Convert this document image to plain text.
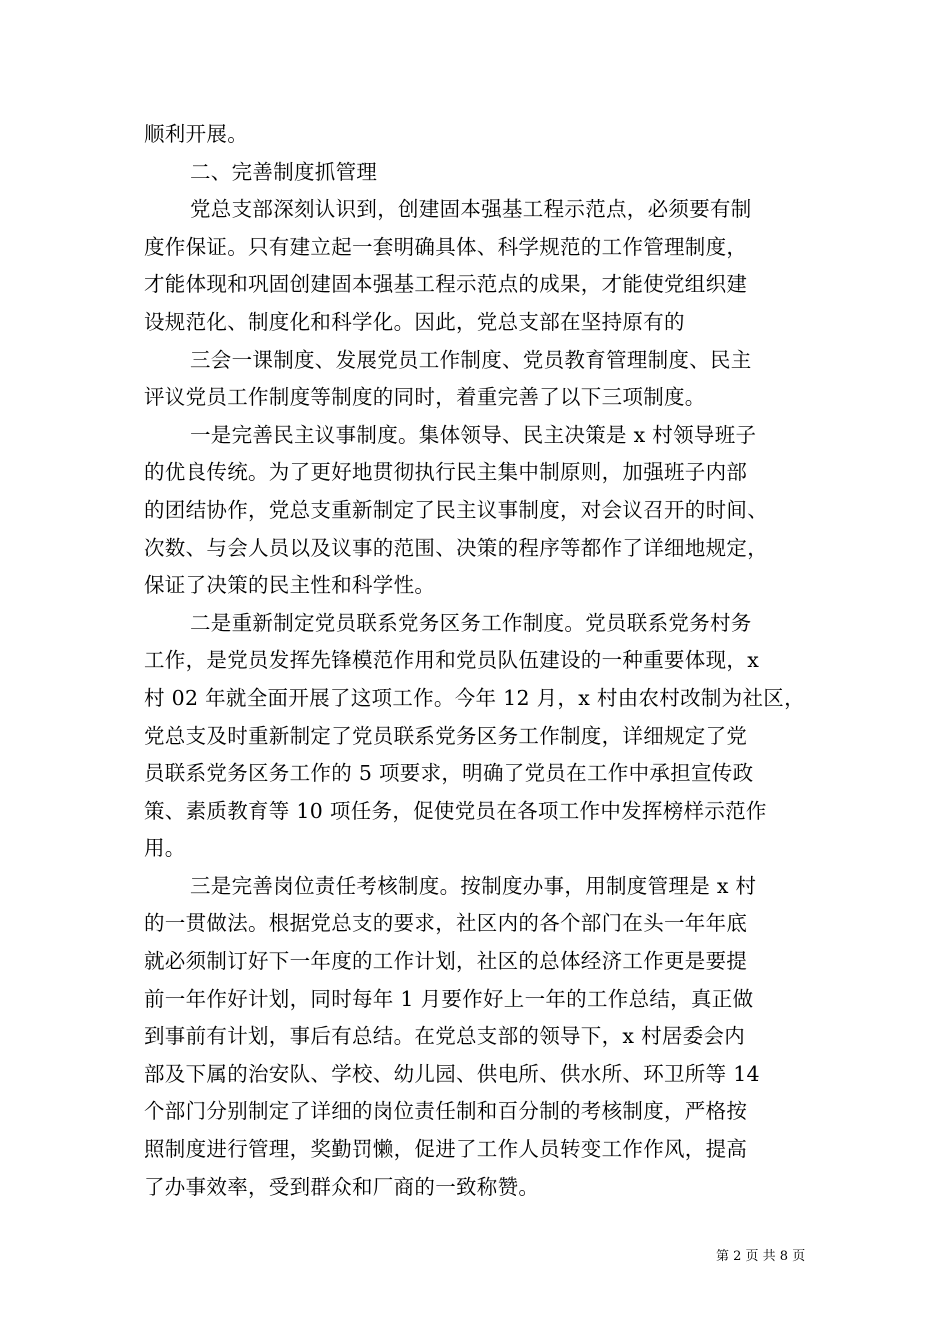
顺利开展。
二、完善制度抓管理
党总支部深刻认识到，创建固本强基工程示范点，必须要有制
度作保证。只有建立起一套明确具体、科学规范的工作管理制度，
才能体现和巩固创建固本强基工程示范点的成果，才能使党组织建
设规范化、制度化和科学化。因此，党总支部在坚持原有的
三会一课制度、发展党员工作制度、党员教育管理制度、民主
评议党员工作制度等制度的同时，着重完善了以下三项制度。
一是完善民主议事制度。集体领导、民主决策是 x 村领导班子
的优良传统。为了更好地贯彻执行民主集中制原则，加强班子内部
的团结协作，党总支重新制定了民主议事制度，对会议召开的时间、
次数、与会人员以及议事的范围、决策的程序等都作了详细地规定，
保证了决策的民主性和科学性。
二是重新制定党员联系党务区务工作制度。党员联系党务村务
工作，是党员发挥先锋模范作用和党员队伍建设的一种重要体现，x
村 02 年就全面开展了这项工作。今年 12 月，x 村由农村改制为社区，
党总支及时重新制定了党员联系党务区务工作制度，详细规定了党
员联系党务区务工作的 5 项要求，明确了党员在工作中承担宣传政
策、素质教育等 10 项任务，促使党员在各项工作中发挥榜样示范作
用。
三是完善岗位责任考核制度。按制度办事，用制度管理是 x 村
的一贯做法。根据党总支的要求，社区内的各个部门在头一年年底
就必须制订好下一年度的工作计划，社区的总体经济工作更是要提
前一年作好计划，同时每年 1 月要作好上一年的工作总结，真正做
到事前有计划，事后有总结。在党总支部的领导下，x 村居委会内
部及下属的治安队、学校、幼儿园、供电所、供水所、环卫所等 14
个部门分别制定了详细的岗位责任制和百分制的考核制度，严格按
照制度进行管理，奖勤罚懒，促进了工作人员转变工作作风，提高
了办事效率，受到群众和厂商的一致称赞。
第 2 页 共 8 页
